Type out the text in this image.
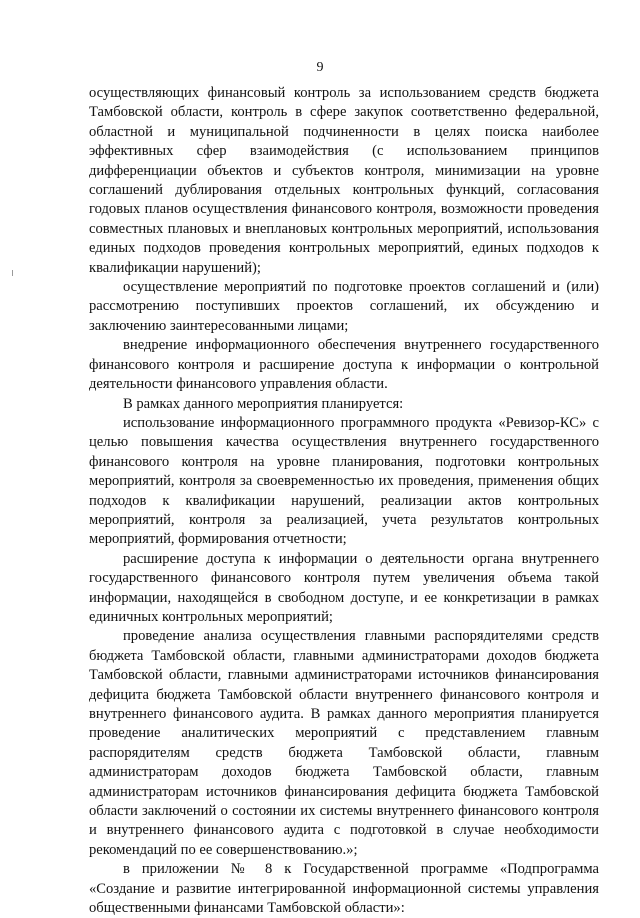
9

осуществляющих финансовый контроль за использованием средств бюджета Тамбовской области, контроль в сфере закупок соответственно федеральной, областной и муниципальной подчиненности в целях поиска наиболее эффективных сфер взаимодействия (с использованием принципов дифференциации объектов и субъектов контроля, минимизации на уровне соглашений дублирования отдельных контрольных функций, согласования годовых планов осуществления финансового контроля, возможности проведения совместных плановых и внеплановых контрольных мероприятий, использования единых подходов проведения контрольных мероприятий, единых подходов к квалификации нарушений);

осуществление мероприятий по подготовке проектов соглашений и (или) рассмотрению поступивших проектов соглашений, их обсуждению и заключению заинтересованными лицами;

внедрение информационного обеспечения внутреннего государственного финансового контроля и расширение доступа к информации о контрольной деятельности финансового управления области.

В рамках данного мероприятия планируется:

использование информационного программного продукта «Ревизор-КС» с целью повышения качества осуществления внутреннего государственного финансового контроля на уровне планирования, подготовки контрольных мероприятий, контроля за своевременностью их проведения, применения общих подходов к квалификации нарушений, реализации актов контрольных мероприятий, контроля за реализацией, учета результатов контрольных мероприятий, формирования отчетности;

расширение доступа к информации о деятельности органа внутреннего государственного финансового контроля путем увеличения объема такой информации, находящейся в свободном доступе, и ее конкретизации в рамках единичных контрольных мероприятий;

проведение анализа осуществления главными распорядителями средств бюджета Тамбовской области, главными администраторами доходов бюджета Тамбовской области, главными администраторами источников финансирования дефицита бюджета Тамбовской области внутреннего финансового контроля и внутреннего финансового аудита. В рамках данного мероприятия планируется проведение аналитических мероприятий с представлением главным распорядителям средств бюджета Тамбовской области, главным администраторам доходов бюджета Тамбовской области, главным администраторам источников финансирования дефицита бюджета Тамбовской области заключений о состоянии их системы внутреннего финансового контроля и внутреннего финансового аудита с подготовкой в случае необходимости рекомендаций по ее совершенствованию.»;

в приложении № 8 к Государственной программе «Подпрограмма «Создание и развитие интегрированной информационной системы управления общественными финансами Тамбовской области»:
